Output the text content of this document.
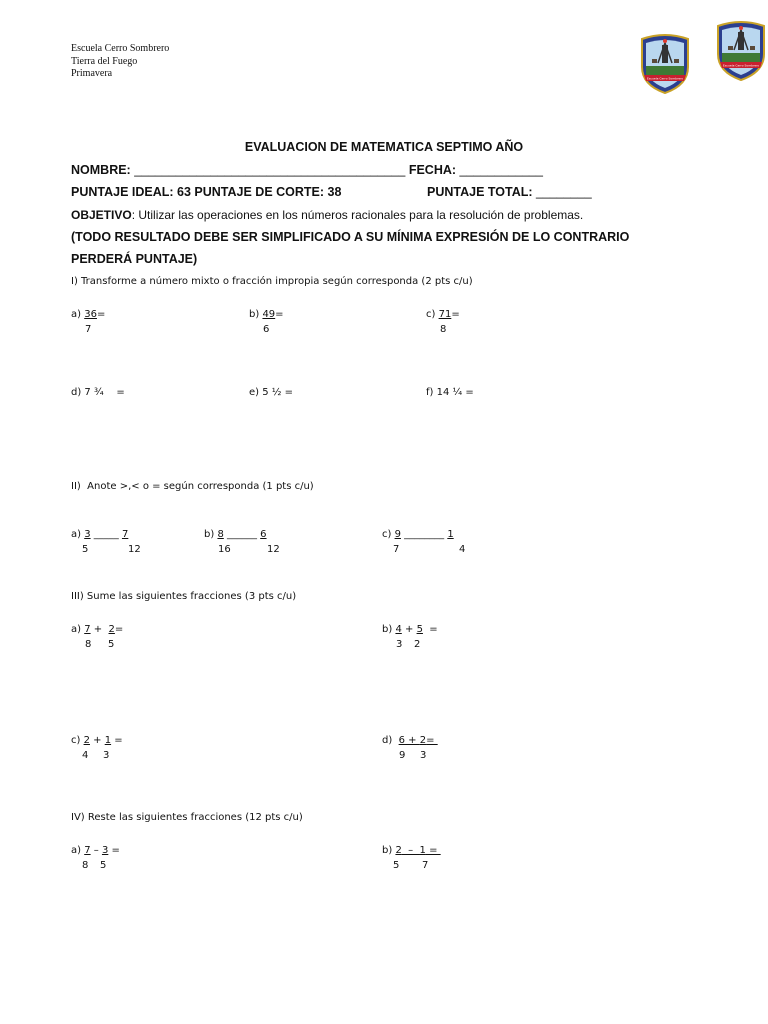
Escuela Cerro Sombrero
Tierra del Fuego
Primavera	Escuela Cerro Sombrero
Escuela Cerro Sombrero
EVALUACION DE MATEMATICA SEPTIMO AÑO
NOMBRE: _______________________________________ FECHA: ____________
PUNTAJE IDEAL: 63 PUNTAJE DE CORTE: 38	PUNTAJE TOTAL: ________
OBJETIVO: Utilizar las operaciones en los números racionales para la resolución de problemas.
(TODO RESULTADO DEBE SER SIMPLIFICADO A SU MÍNIMA EXPRESIÓN DE LO CONTRARIO
PERDERÁ PUNTAJE)
I) Transforme a número mixto o fracción impropia según corresponda (2 pts c/u)
a) 36=
7
b) 49=
6
c) 71=
8
d) 7 ¾    =	e) 5 ½ =	f) 14 ¼ =
II)  Anote >,< o = según corresponda (1 pts c/u)
a) 3 _____ 7
5	12
b) 8 ______ 6
16	12
c) 9 ________ 1
7	4
III) Sume las siguientes fracciones (3 pts c/u)
a) 7 +  2=
8 5
b) 4 + 5  =
3 2
c) 2 + 1 =
4 3
d)  6 + 2=
9 3
IV) Reste las siguientes fracciones (12 pts c/u)
a) 7 – 3 =
8 5
b) 2  –  1 =
5 7
